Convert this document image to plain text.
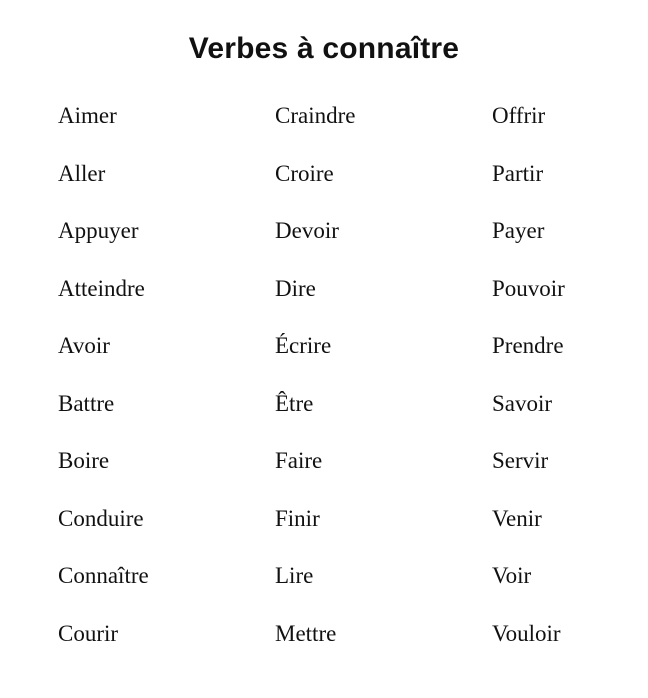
Verbes à connaître
Aimer
Aller
Appuyer
Atteindre
Avoir
Battre
Boire
Conduire
Connaître
Courir
Craindre
Croire
Devoir
Dire
Écrire
Être
Faire
Finir
Lire
Mettre
Offrir
Partir
Payer
Pouvoir
Prendre
Savoir
Servir
Venir
Voir
Vouloir
